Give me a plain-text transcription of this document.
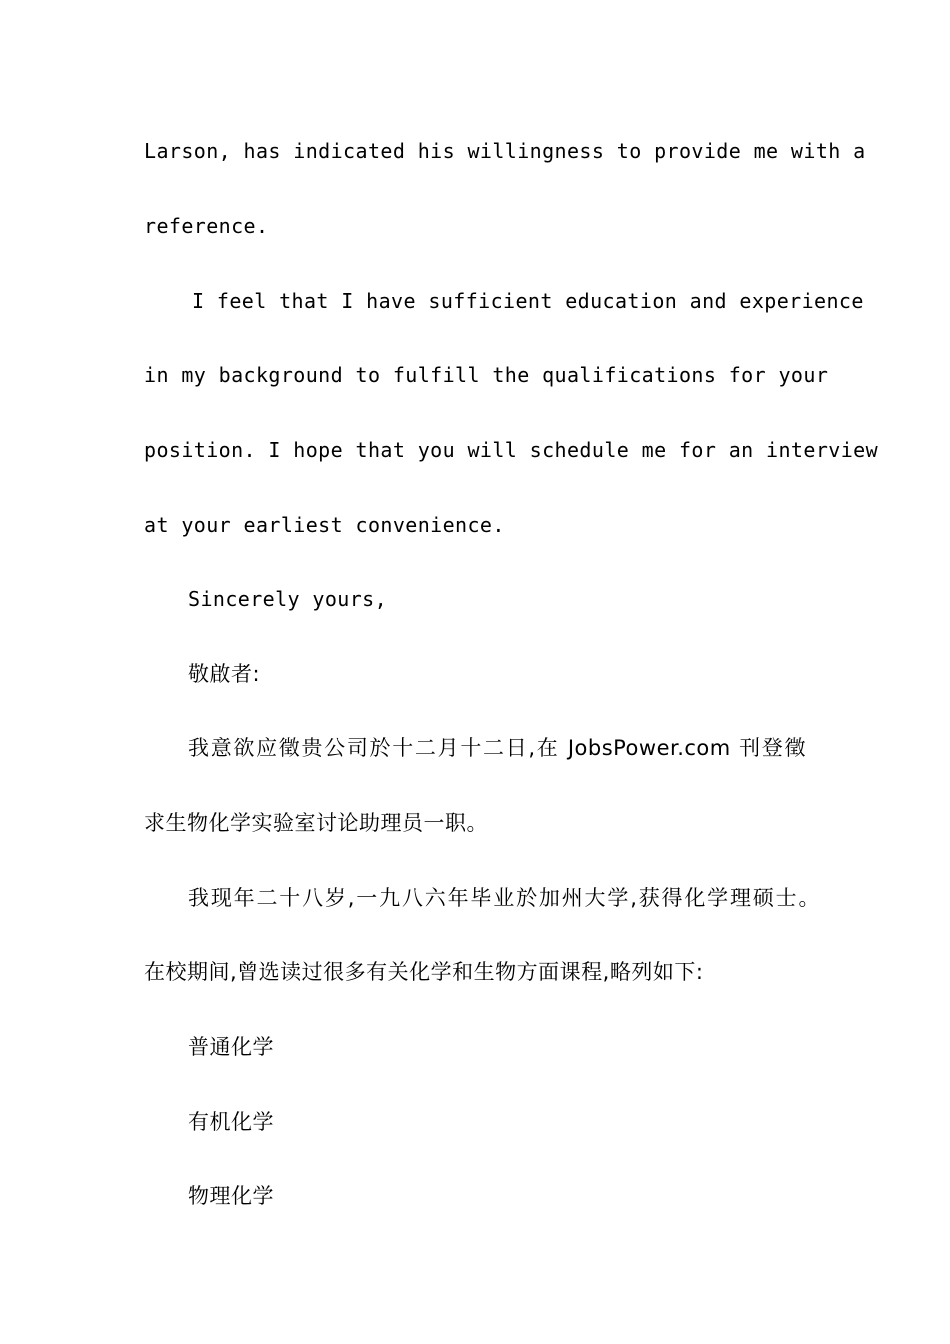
Larson, has indicated his willingness to provide me with a
reference.
I feel that I have sufficient education and experience
in my background to fulfill the qualifications for your
position. I hope that you will schedule me for an interview
at your earliest convenience.
Sincerely yours,
敬啟者:
我意欲应徵贵公司於十二月十二日,在 JobsPower.com 刊登徵
求生物化学实验室讨论助理员一职。
我现年二十八岁,一九八六年毕业於加州大学,获得化学理硕士。
在校期间,曾选读过很多有关化学和生物方面课程,略列如下:
普通化学
有机化学
物理化学
